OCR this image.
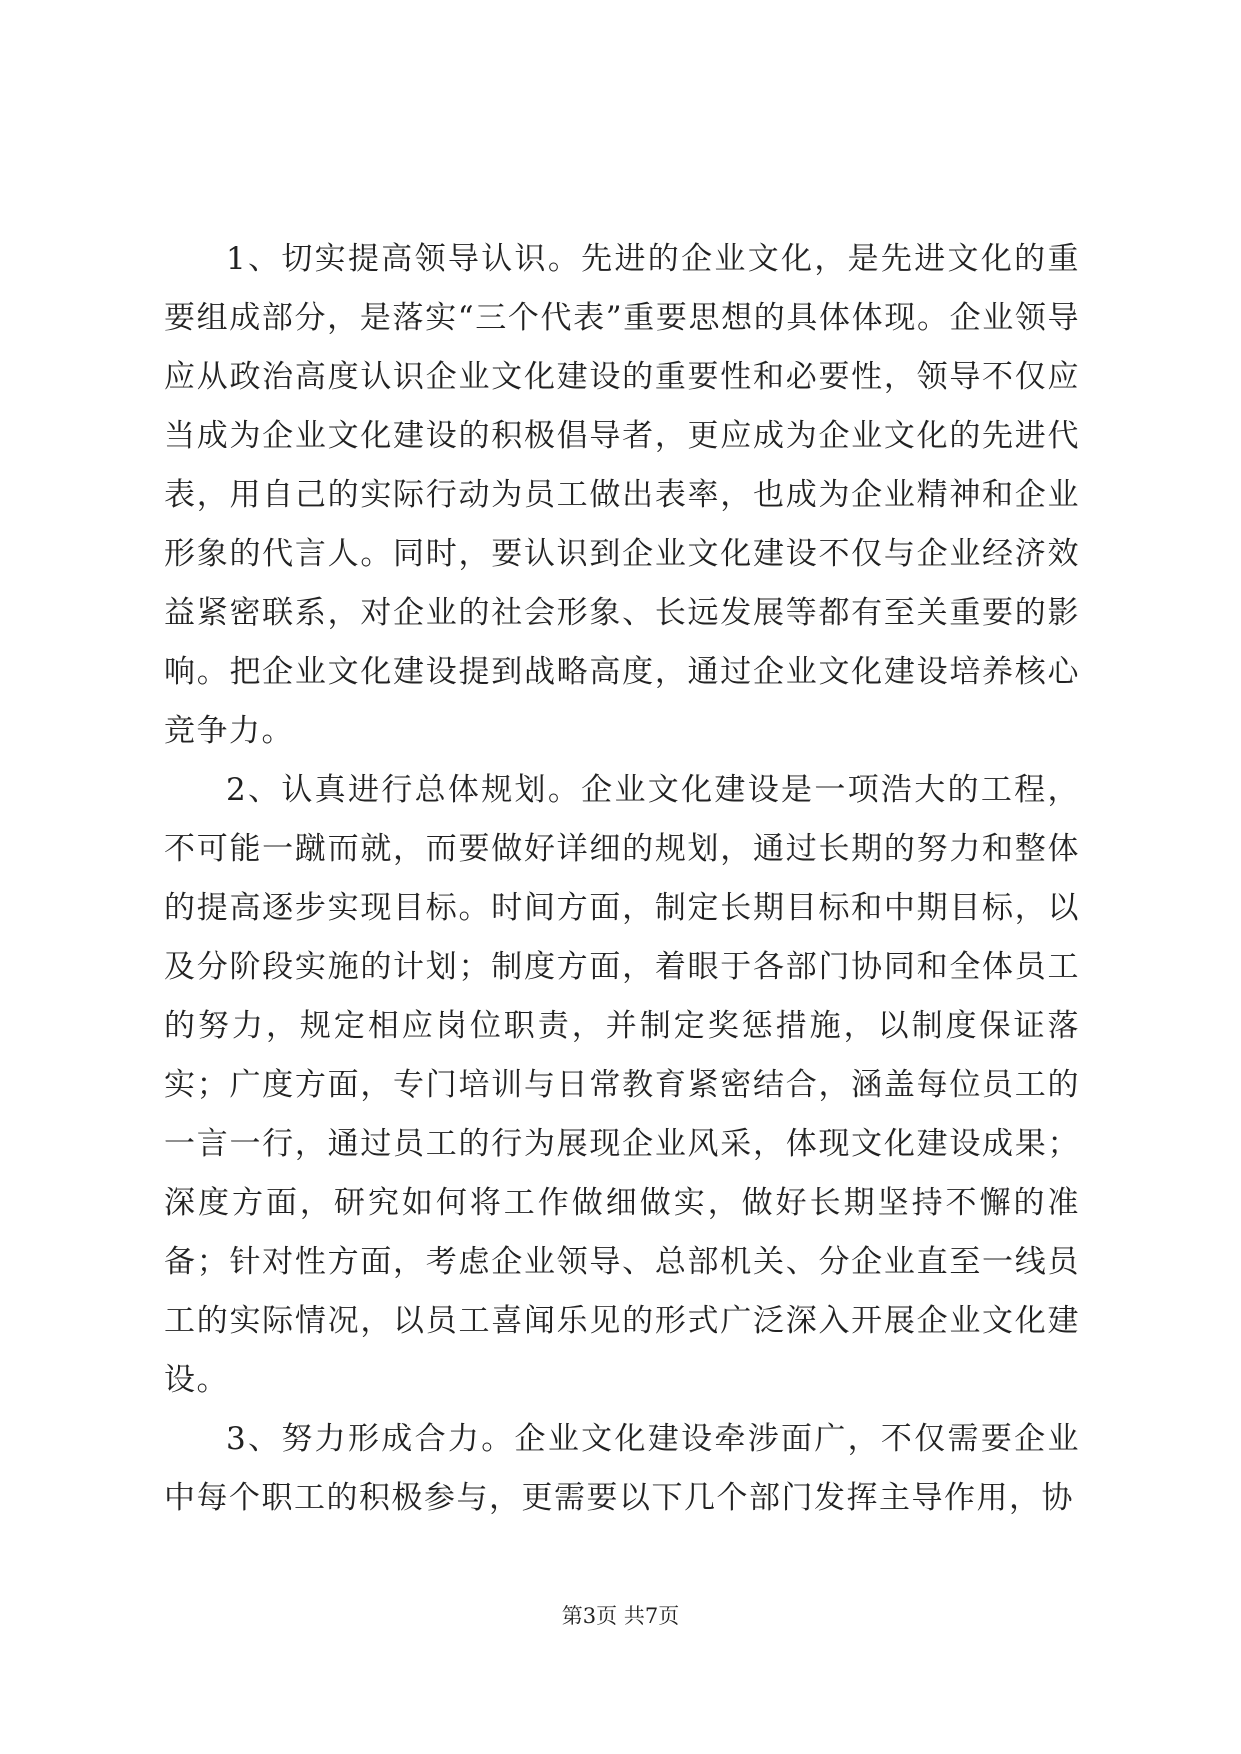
1、切实提高领导认识。先进的企业文化，是先进文化的重要组成部分，是落实“三个代表”重要思想的具体体现。企业领导应从政治高度认识企业文化建设的重要性和必要性，领导不仅应当成为企业文化建设的积极倡导者，更应成为企业文化的先进代表，用自己的实际行动为员工做出表率，也成为企业精神和企业形象的代言人。同时，要认识到企业文化建设不仅与企业经济效益紧密联系，对企业的社会形象、长远发展等都有至关重要的影响。把企业文化建设提到战略高度，通过企业文化建设培养核心竞争力。

2、认真进行总体规划。企业文化建设是一项浩大的工程，不可能一蹴而就，而要做好详细的规划，通过长期的努力和整体的提高逐步实现目标。时间方面，制定长期目标和中期目标，以及分阶段实施的计划；制度方面，着眼于各部门协同和全体员工的努力，规定相应岗位职责，并制定奖惩措施，以制度保证落实；广度方面，专门培训与日常教育紧密结合，涵盖每位员工的一言一行，通过员工的行为展现企业风采，体现文化建设成果；深度方面，研究如何将工作做细做实，做好长期坚持不懈的准备；针对性方面，考虑企业领导、总部机关、分企业直至一线员工的实际情况，以员工喜闻乐见的形式广泛深入开展企业文化建设。

3、努力形成合力。企业文化建设牵涉面广，不仅需要企业中每个职工的积极参与，更需要以下几个部门发挥主导作用，协

第3页 共7页
